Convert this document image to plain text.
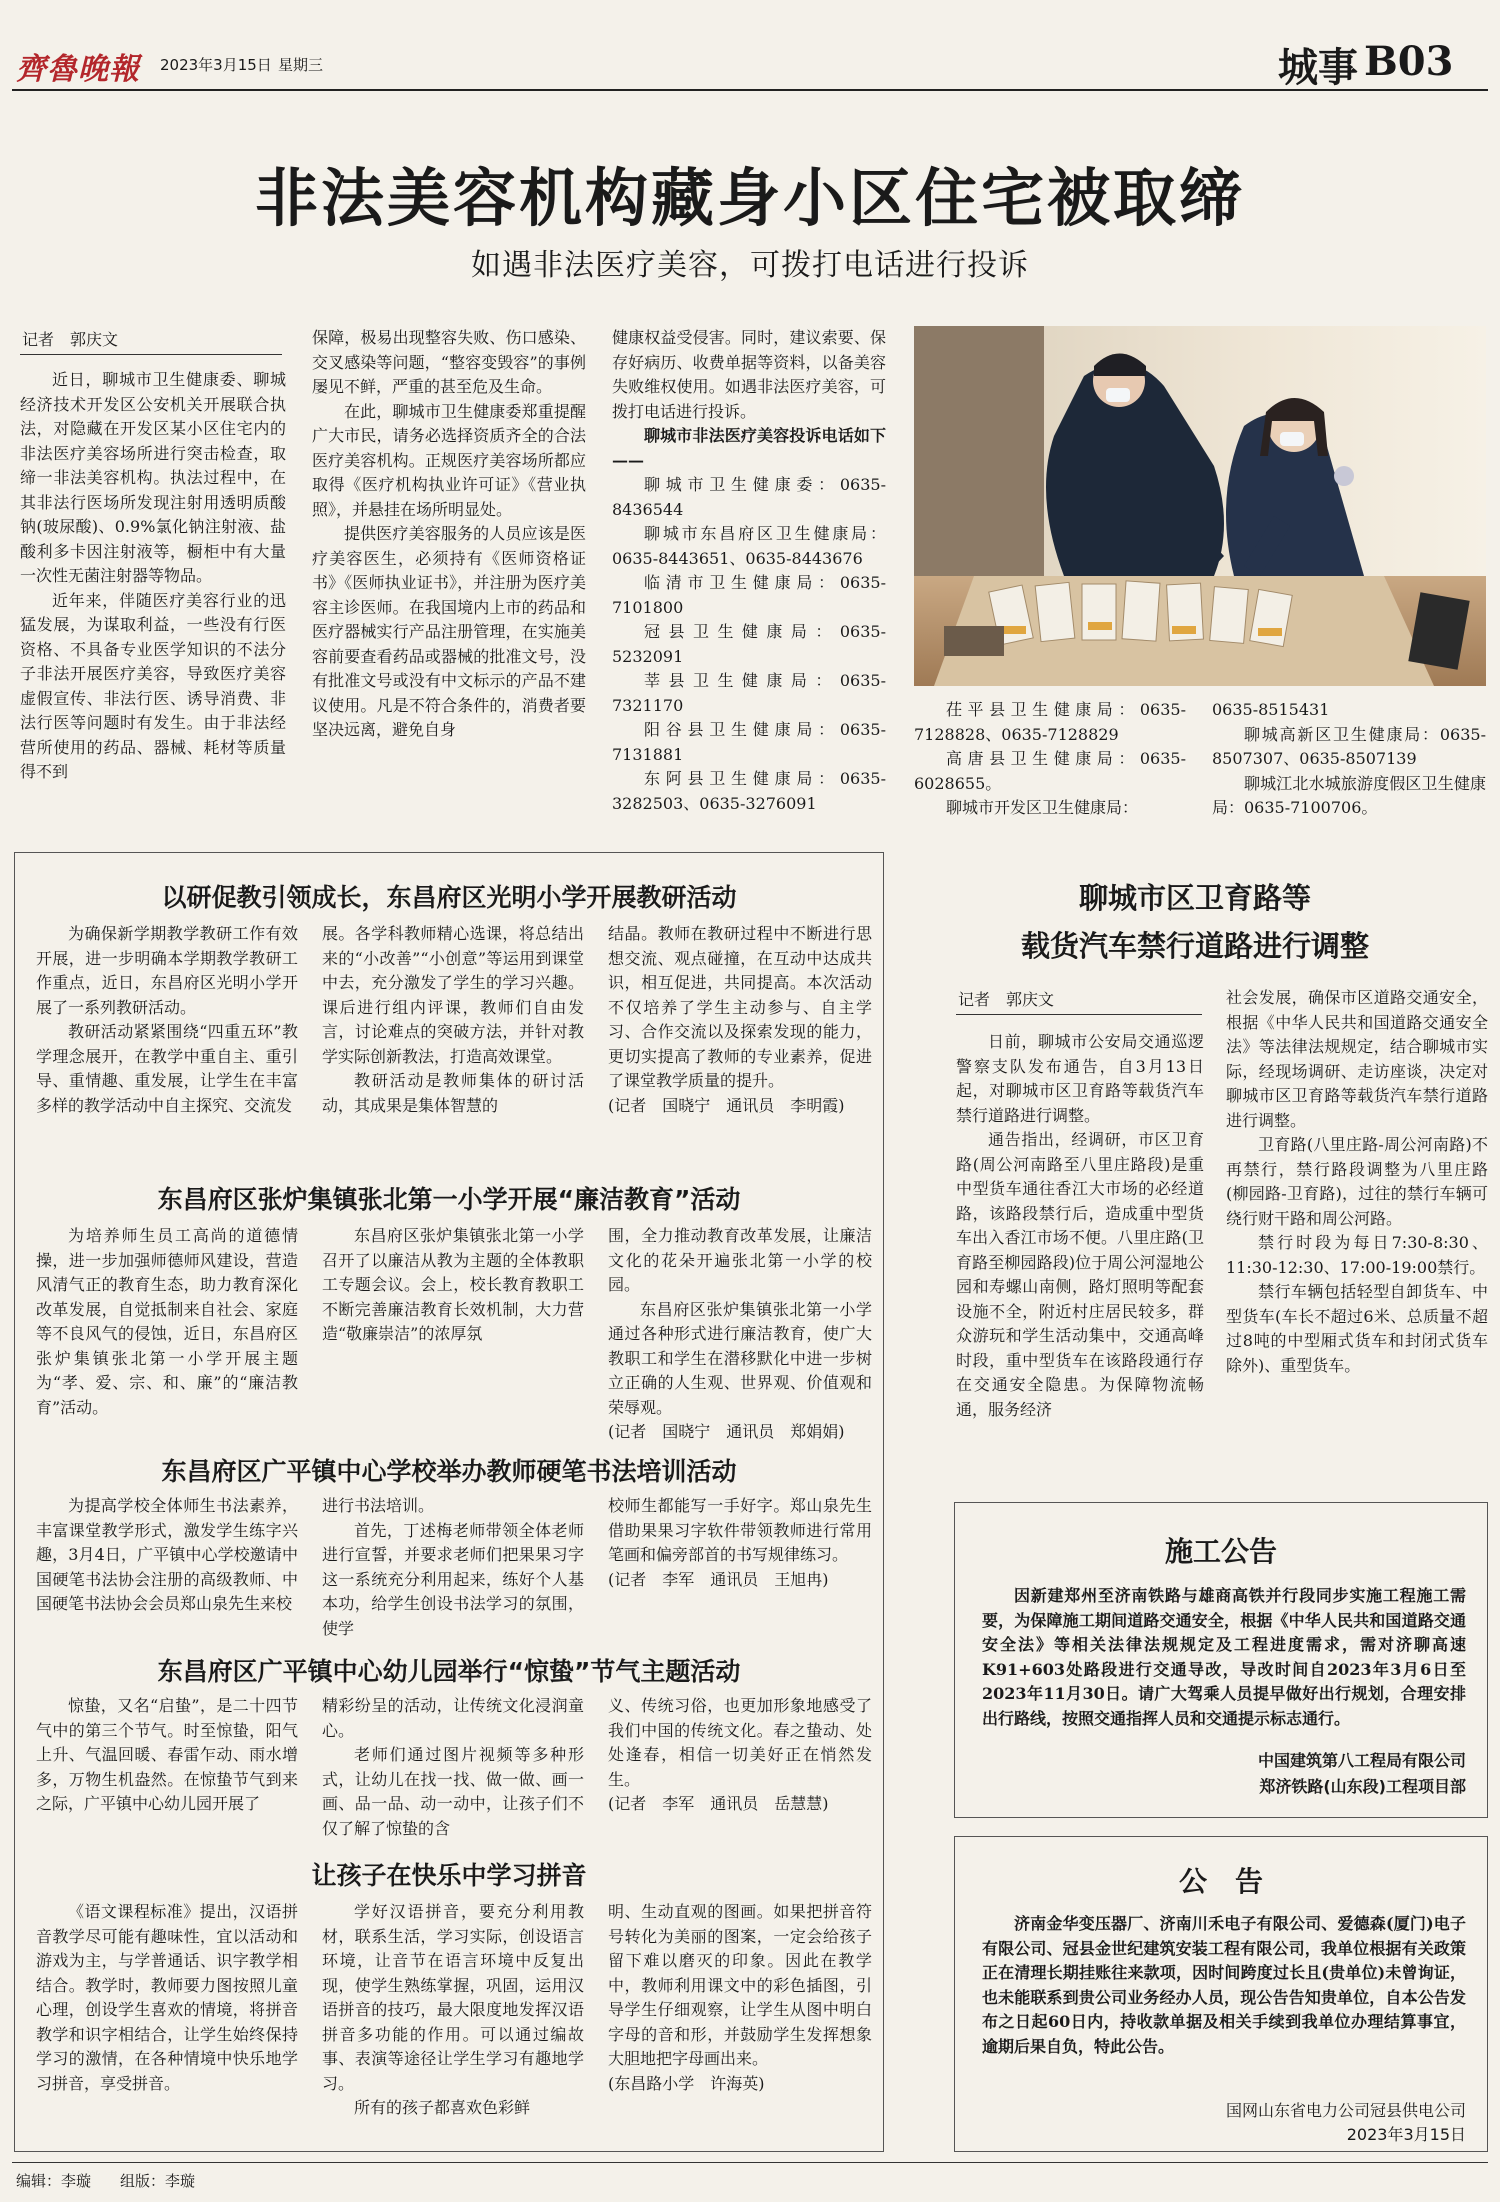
齊魯晚報 2023年3月15日 星期三	城事 B03
非法美容机构藏身小区住宅被取缔
如遇非法医疗美容，可拨打电话进行投诉
记者　郭庆文

近日，聊城市卫生健康委、聊城经济技术开发区公安机关开展联合执法，对隐藏在开发区某小区住宅内的非法医疗美容场所进行突击检查，取缔一非法美容机构。执法过程中，在其非法行医场所发现注射用透明质酸钠(玻尿酸)、0.9%氯化钠注射液、盐酸利多卡因注射液等，橱柜中有大量一次性无菌注射器等物品。

近年来，伴随医疗美容行业的迅猛发展，为谋取利益，一些没有行医资格、不具备专业医学知识的不法分子非法开展医疗美容，导致医疗美容虚假宣传、非法行医、诱导消费、非法行医等问题时有发生。由于非法经营所使用的药品、器械、耗材等质量得不到

保障，极易出现整容失败、伤口感染、交叉感染等问题，“整容变毁容”的事例屡见不鲜，严重的甚至危及生命。

在此，聊城市卫生健康委郑重提醒广大市民，请务必选择资质齐全的合法医疗美容机构。正规医疗美容场所都应取得《医疗机构执业许可证》《营业执照》，并悬挂在场所明显处。

提供医疗美容服务的人员应该是医疗美容医生，必须持有《医师资格证书》《医师执业证书》，并注册为医疗美容主诊医师。在我国境内上市的药品和医疗器械实行产品注册管理，在实施美容前要查看药品或器械的批准文号，没有批准文号或没有中文标示的产品不建议使用。凡是不符合条件的，消费者要坚决远离，避免自身

健康权益受侵害。同时，建议索要、保存好病历、收费单据等资料，以备美容失败维权使用。如遇非法医疗美容，可拨打电话进行投诉。

聊城市非法医疗美容投诉电话如下——

聊城市卫生健康委：0635-8436544

聊城市东昌府区卫生健康局：0635-8443651、0635-8443676

临清市卫生健康局：0635-7101800

冠县卫生健康局：0635-5232091

莘县卫生健康局：0635-7321170

阳谷县卫生健康局：0635-7131881

东阿县卫生健康局：0635-3282503、0635-3276091

茌平县卫生健康局：0635-7128828、0635-7128829

高唐县卫生健康局：0635-6028655。

聊城市开发区卫生健康局：

0635-8515431

聊城高新区卫生健康局：0635-8507307、0635-8507139

聊城江北水城旅游度假区卫生健康局：0635-7100706。

以研促教引领成长，东昌府区光明小学开展教研活动

为确保新学期教学教研工作有效开展，进一步明确本学期教学教研工作重点，近日，东昌府区光明小学开展了一系列教研活动。

教研活动紧紧围绕“四重五环”教学理念展开，在教学中重自主、重引导、重情趣、重发展，让学生在丰富多样的教学活动中自主探究、交流发

展。各学科教师精心选课，将总结出来的“小改善”“小创意”等运用到课堂中去，充分激发了学生的学习兴趣。课后进行组内评课，教师们自由发言，讨论难点的突破方法，并针对教学实际创新教法，打造高效课堂。

教研活动是教师集体的研讨活动，其成果是集体智慧的

结晶。教师在教研过程中不断进行思想交流、观点碰撞，在互动中达成共识，相互促进，共同提高。本次活动不仅培养了学生主动参与、自主学习、合作交流以及探索发现的能力，更切实提高了教师的专业素养，促进了课堂教学质量的提升。

(记者　国晓宁　通讯员　李明霞)

东昌府区张炉集镇张北第一小学开展“廉洁教育”活动

为培养师生员工高尚的道德情操，进一步加强师德师风建设，营造风清气正的教育生态，助力教育深化改革发展，自觉抵制来自社会、家庭等不良风气的侵蚀，近日，东昌府区张炉集镇张北第一小学开展主题为“孝、爱、宗、和、廉”的“廉洁教育”活动。

东昌府区张炉集镇张北第一小学召开了以廉洁从教为主题的全体教职工专题会议。会上，校长教育教职工不断完善廉洁教育长效机制，大力营造“敬廉崇洁”的浓厚氛

围，全力推动教育改革发展，让廉洁文化的花朵开遍张北第一小学的校园。

东昌府区张炉集镇张北第一小学通过各种形式进行廉洁教育，使广大教职工和学生在潜移默化中进一步树立正确的人生观、世界观、价值观和荣辱观。

(记者　国晓宁　通讯员　郑娟娟)

东昌府区广平镇中心学校举办教师硬笔书法培训活动

为提高学校全体师生书法素养，丰富课堂教学形式，激发学生练字兴趣，3月4日，广平镇中心学校邀请中国硬笔书法协会注册的高级教师、中国硬笔书法协会会员郑山泉先生来校

进行书法培训。

首先，丁述梅老师带领全体老师进行宣誓，并要求老师们把果果习字这一系统充分利用起来，练好个人基本功，给学生创设书法学习的氛围，使学

校师生都能写一手好字。郑山泉先生借助果果习字软件带领教师进行常用笔画和偏旁部首的书写规律练习。

(记者　李军　通讯员　王旭冉)

东昌府区广平镇中心幼儿园举行“惊蛰”节气主题活动

惊蛰，又名“启蛰”，是二十四节气中的第三个节气。时至惊蛰，阳气上升、气温回暖、春雷乍动、雨水增多，万物生机盎然。在惊蛰节气到来之际，广平镇中心幼儿园开展了

精彩纷呈的活动，让传统文化浸润童心。

老师们通过图片视频等多种形式，让幼儿在找一找、做一做、画一画、品一品、动一动中，让孩子们不仅了解了惊蛰的含

义、传统习俗，也更加形象地感受了我们中国的传统文化。春之蛰动、处处逢春，相信一切美好正在悄然发生。

(记者　李军　通讯员　岳慧慧)

让孩子在快乐中学习拼音

《语文课程标准》提出，汉语拼音教学尽可能有趣味性，宜以活动和游戏为主，与学普通话、识字教学相结合。教学时，教师要力图按照儿童心理，创设学生喜欢的情境，将拼音教学和识字相结合，让学生始终保持学习的激情，在各种情境中快乐地学习拼音，享受拼音。

学好汉语拼音，要充分利用教材，联系生活，学习实际，创设语言环境，让音节在语言环境中反复出现，使学生熟练掌握，巩固，运用汉语拼音的技巧，最大限度地发挥汉语拼音多功能的作用。可以通过编故事、表演等途径让学生学习有趣地学习。

所有的孩子都喜欢色彩鲜

明、生动直观的图画。如果把拼音符号转化为美丽的图案，一定会给孩子留下难以磨灭的印象。因此在教学中，教师利用课文中的彩色插图，引导学生仔细观察，让学生从图中明白字母的音和形，并鼓励学生发挥想象大胆地把字母画出来。

(东昌路小学　许海英)

聊城市区卫育路等
载货汽车禁行道路进行调整
记者　郭庆文

日前，聊城市公安局交通巡逻警察支队发布通告，自3月13日起，对聊城市区卫育路等载货汽车禁行道路进行调整。

通告指出，经调研，市区卫育路(周公河南路至八里庄路段)是重中型货车通往香江大市场的必经道路，该路段禁行后，造成重中型货车出入香江市场不便。八里庄路(卫育路至柳园路段)位于周公河湿地公园和寿螺山南侧，路灯照明等配套设施不全，附近村庄居民较多，群众游玩和学生活动集中，交通高峰时段，重中型货车在该路段通行存在交通安全隐患。为保障物流畅通，服务经济

社会发展，确保市区道路交通安全，根据《中华人民共和国道路交通安全法》等法律法规规定，结合聊城市实际，经现场调研、走访座谈，决定对聊城市区卫育路等载货汽车禁行道路进行调整。

卫育路(八里庄路-周公河南路)不再禁行，禁行路段调整为八里庄路(柳园路-卫育路)，过往的禁行车辆可绕行财干路和周公河路。

禁行时段为每日7:30-8:30、11:30-12:30、17:00-19:00禁行。

禁行车辆包括轻型自卸货车、中型货车(车长不超过6米、总质量不超过8吨的中型厢式货车和封闭式货车除外)、重型货车。

施工公告

因新建郑州至济南铁路与雄商高铁并行段同步实施工程施工需要，为保障施工期间道路交通安全，根据《中华人民共和国道路交通安全法》等相关法律法规规定及工程进度需求，需对济聊高速K91+603处路段进行交通导改，导改时间自2023年3月6日至2023年11月30日。请广大驾乘人员提早做好出行规划，合理安排出行路线，按照交通指挥人员和交通提示标志通行。

中国建筑第八工程局有限公司
郑济铁路(山东段)工程项目部
公　告

济南金华变压器厂、济南川禾电子有限公司、爱德森(厦门)电子有限公司、冠县金世纪建筑安装工程有限公司，我单位根据有关政策正在清理长期挂账往来款项，因时间跨度过长且(贵单位)未曾询证，也未能联系到贵公司业务经办人员，现公告告知贵单位，自本公告发布之日起60日内，持收款单据及相关手续到我单位办理结算事宜，逾期后果自负，特此公告。

国网山东省电力公司冠县供电公司
2023年3月15日
编辑：李璇 组版：李璇
